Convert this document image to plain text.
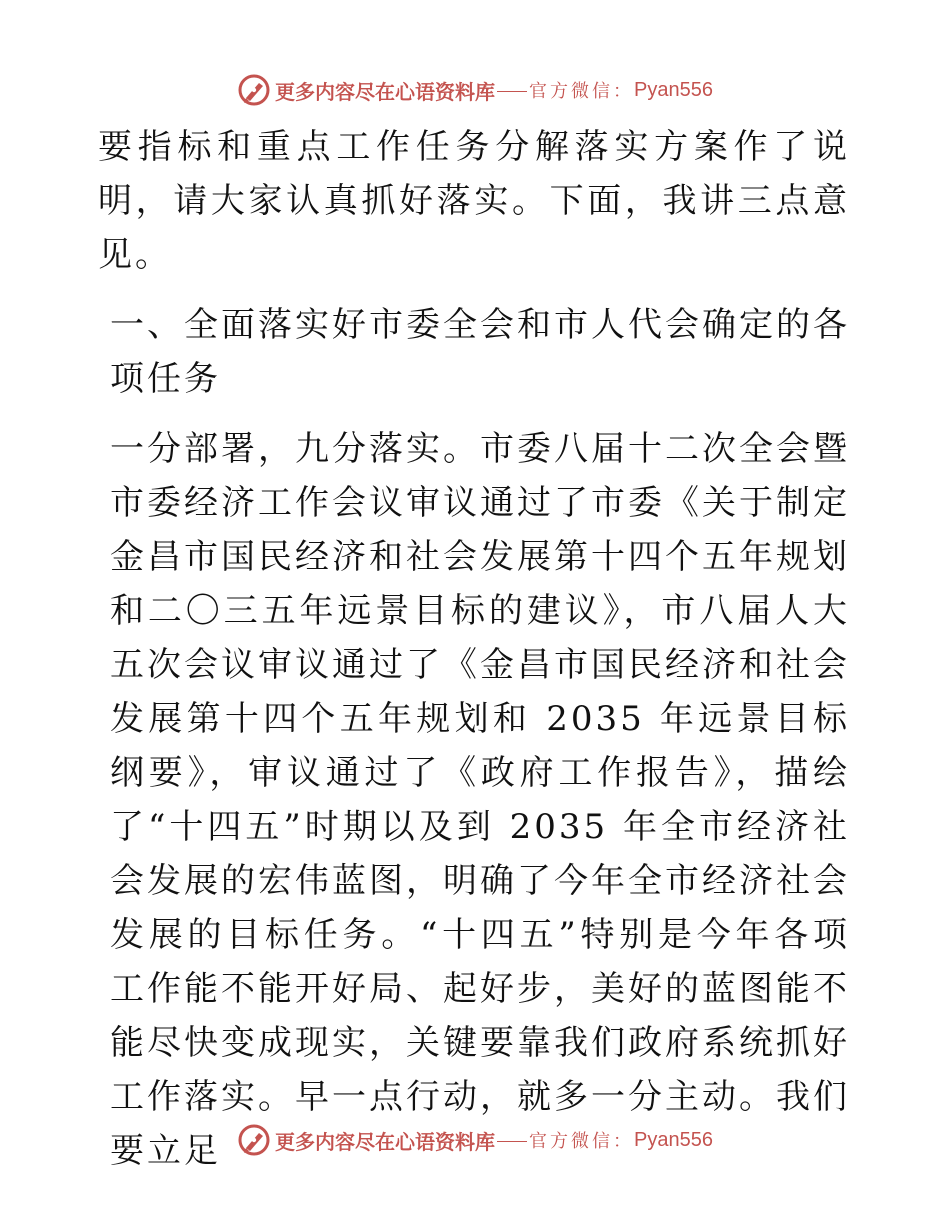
更多内容尽在心语资料库 官方微信： Pyan556

要指标和重点工作任务分解落实方案作了说明，请大家认真抓好落实。下面，我讲三点意见。

一、全面落实好市委全会和市人代会确定的各项任务

一分部署，九分落实。市委八届十二次全会暨市委经济工作会议审议通过了市委《关于制定金昌市国民经济和社会发展第十四个五年规划和二〇三五年远景目标的建议》，市八届人大五次会议审议通过了《金昌市国民经济和社会发展第十四个五年规划和 2035 年远景目标纲要》，审议通过了《政府工作报告》，描绘了“十四五”时期以及到 2035 年全市经济社会发展的宏伟蓝图，明确了今年全市经济社会发展的目标任务。“十四五”特别是今年各项工作能不能开好局、起好步，美好的蓝图能不能尽快变成现实，关键要靠我们政府系统抓好工作落实。早一点行动，就多一分主动。我们要立足	更多内容尽在心语资料库 官方微信： Pyan556
